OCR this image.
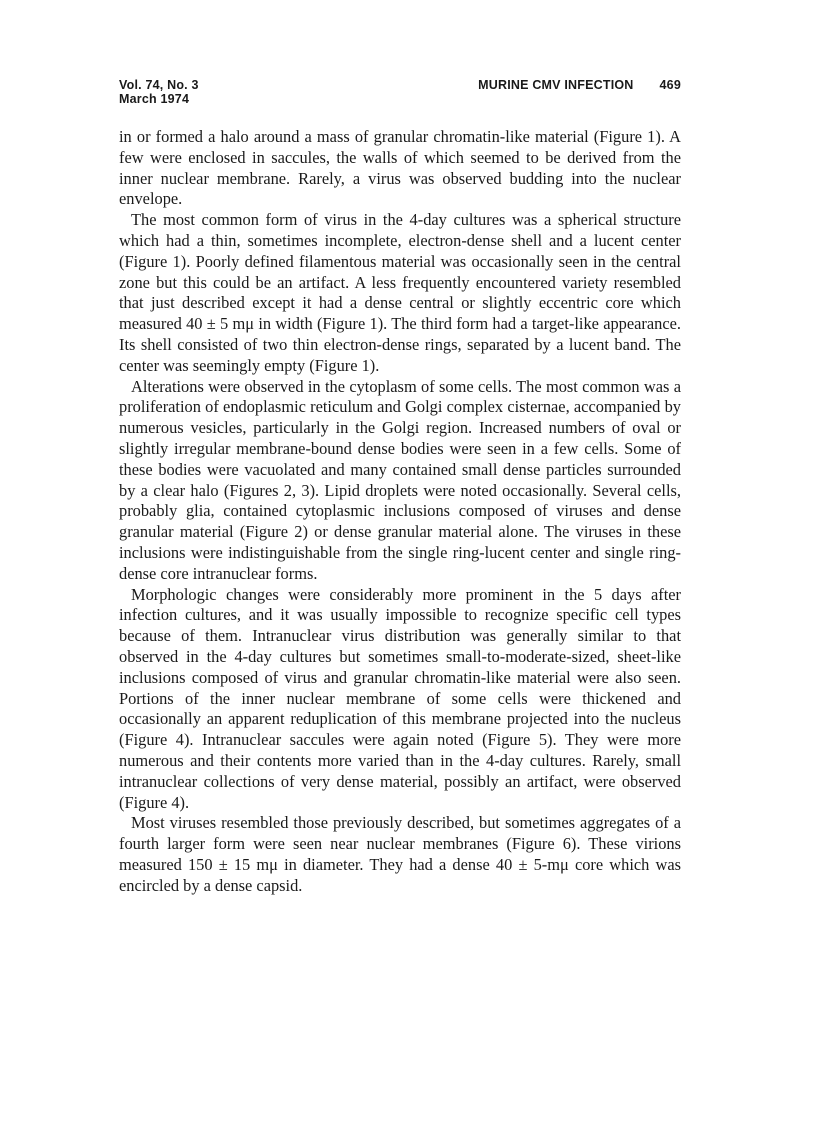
Vol. 74, No. 3
March 1974
MURINE CMV INFECTION 469

in or formed a halo around a mass of granular chromatin-like material (Figure 1). A few were enclosed in saccules, the walls of which seemed to be derived from the inner nuclear membrane. Rarely, a virus was observed budding into the nuclear envelope.

The most common form of virus in the 4-day cultures was a spherical structure which had a thin, sometimes incomplete, electron-dense shell and a lucent center (Figure 1). Poorly defined filamentous material was occasionally seen in the central zone but this could be an artifact. A less frequently encountered variety resembled that just described except it had a dense central or slightly eccentric core which measured 40 ± 5 mμ in width (Figure 1). The third form had a target-like appearance. Its shell consisted of two thin electron-dense rings, separated by a lucent band. The center was seemingly empty (Figure 1).

Alterations were observed in the cytoplasm of some cells. The most common was a proliferation of endoplasmic reticulum and Golgi complex cisternae, accompanied by numerous vesicles, particularly in the Golgi region. Increased numbers of oval or slightly irregular membrane-bound dense bodies were seen in a few cells. Some of these bodies were vacuolated and many contained small dense particles surrounded by a clear halo (Figures 2, 3). Lipid droplets were noted occasionally. Several cells, probably glia, contained cytoplasmic inclusions composed of viruses and dense granular material (Figure 2) or dense granular material alone. The viruses in these inclusions were indistinguishable from the single ring-lucent center and single ring-dense core intranuclear forms.

Morphologic changes were considerably more prominent in the 5 days after infection cultures, and it was usually impossible to recognize specific cell types because of them. Intranuclear virus distribution was generally similar to that observed in the 4-day cultures but sometimes small-to-moderate-sized, sheet-like inclusions composed of virus and granular chromatin-like material were also seen. Portions of the inner nuclear membrane of some cells were thickened and occasionally an apparent reduplication of this membrane projected into the nucleus (Figure 4). Intranuclear saccules were again noted (Figure 5). They were more numerous and their contents more varied than in the 4-day cultures. Rarely, small intranuclear collections of very dense material, possibly an artifact, were observed (Figure 4).

Most viruses resembled those previously described, but sometimes aggregates of a fourth larger form were seen near nuclear membranes (Figure 6). These virions measured 150 ± 15 mμ in diameter. They had a dense 40 ± 5-mμ core which was encircled by a dense capsid.
